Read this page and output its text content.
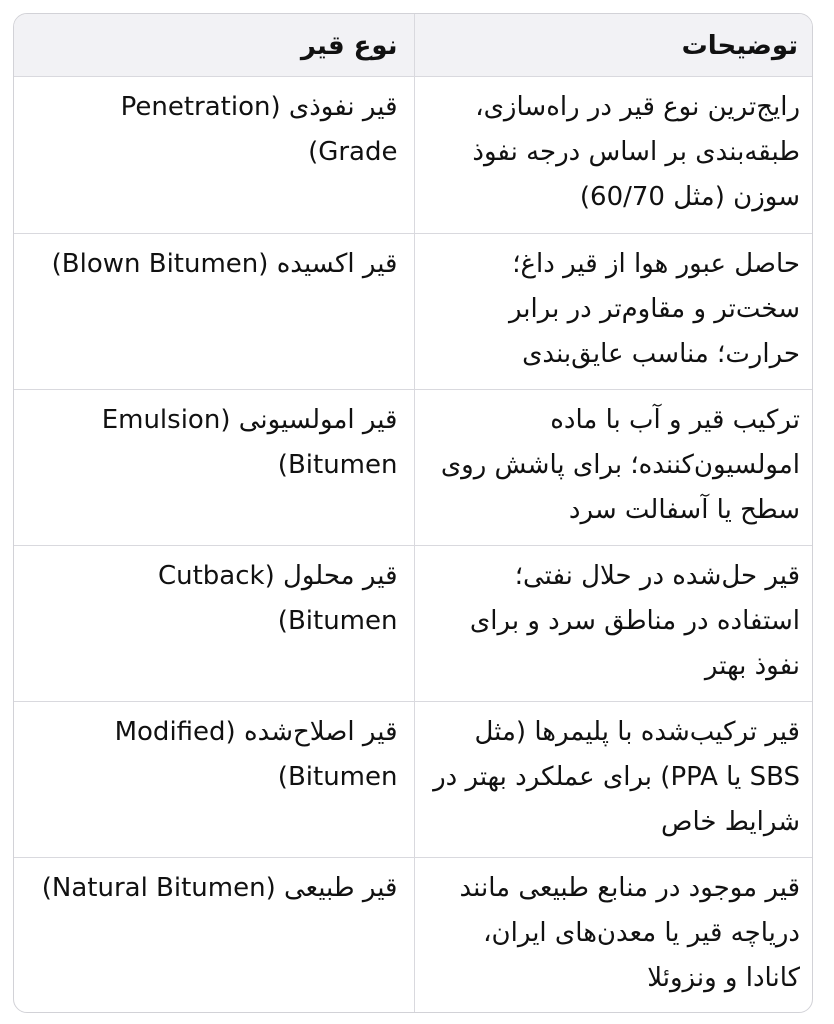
توضیحات	نوع قیر
رایج‌ترین نوع قیر در راه‌سازی، طبقه‌بندی بر اساس درجه نفوذ سوزن (مثل 60/70)	قیر نفوذی (Penetration Grade)
حاصل عبور هوا از قیر داغ؛ سخت‌تر و مقاوم‌تر در برابر حرارت؛ مناسب عایق‌بندی	قیر اکسیده (Blown Bitumen)
ترکیب قیر و آب با ماده امولسیون‌کننده؛ برای پاشش روی سطح یا آسفالت سرد	قیر امولسیونی (Emulsion Bitumen)
قیر حل‌شده در حلال نفتی؛ استفاده در مناطق سرد و برای نفوذ بهتر	قیر محلول (Cutback Bitumen)
قیر ترکیب‌شده با پلیمرها (مثل SBS یا PPA) برای عملکرد بهتر در شرایط خاص	قیر اصلاح‌شده (Modified Bitumen)
قیر موجود در منابع طبیعی مانند دریاچه قیر یا معدن‌های ایران، کانادا و ونزوئلا	قیر طبیعی (Natural Bitumen)
